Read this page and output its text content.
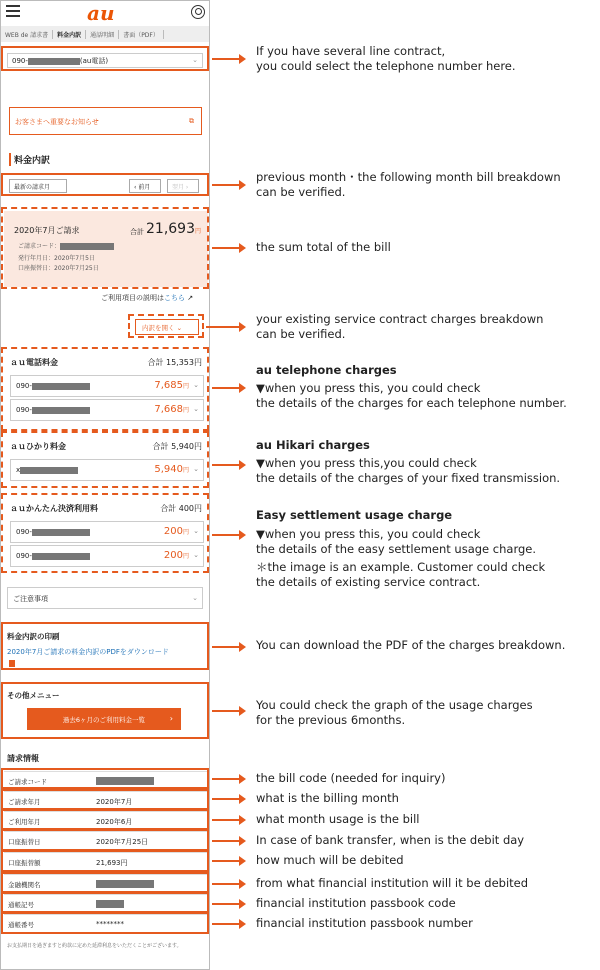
au
WEB de 請求書	料金内訳	通話明細	書面（PDF）
090-	(au電話)	⌄
お客さまへ重要なお知らせ	⧉
料金内訳
最新の請求月	‹ 前月	翌月 ›
2020年7月ご請求	合計 21,693円
ご請求コード：
発行年月日：2020年7月5日
口座振替日：2020年7月25日
ご利用項目の説明はこちら ↗
内訳を開く ⌄
ａｕ電話料金	合計 15,353円
090-	7,685円 ⌄
090-	7,668円 ⌄
ａｕひかり料金	合計 5,940円
x	5,940円 ⌄
ａｕかんたん決済利用料	合計 400円
090-	200円 ⌄
090-	200円 ⌄
ご注意事項	⌄
料金内訳の印刷
2020年7月ご請求の料金内訳のPDFをダウンロード
その他メニュー
過去6ヶ月のご利用料金一覧	›
請求情報
ご請求コード
ご請求年月	2020年7月
ご利用年月	2020年6月
口座振替日	2020年7月25日
口座振替額	21,693円
金融機関名
通帳記号
通帳番号	********
お支払期日を過ぎますと約款に定めた延滞利息をいただくことがございます。
If you have several line contract,
you could select the telephone number here.
previous month・the following month bill breakdown
can be verified.
the sum total of the bill
your existing service contract charges breakdown
can be verified.
au telephone charges
▼when you press this, you could check
the details of the charges for each telephone number.
au Hikari charges
▼when you press this,you could check
the details of the charges of your fixed transmission.
Easy settlement usage charge
▼when you press this, you could check
the details of the easy settlement usage charge.
＊the image is an example. Customer could check
the details of existing service contract.
You can download the PDF of the charges breakdown.
You could check the graph of the usage charges
for the previous 6months.
the bill code (needed for inquiry)
what is the billing month
what month usage is the bill
In case of bank transfer, when is the debit day
how much will be debited
from what financial institution will it be debited
financial institution passbook code
financial institution passbook number
